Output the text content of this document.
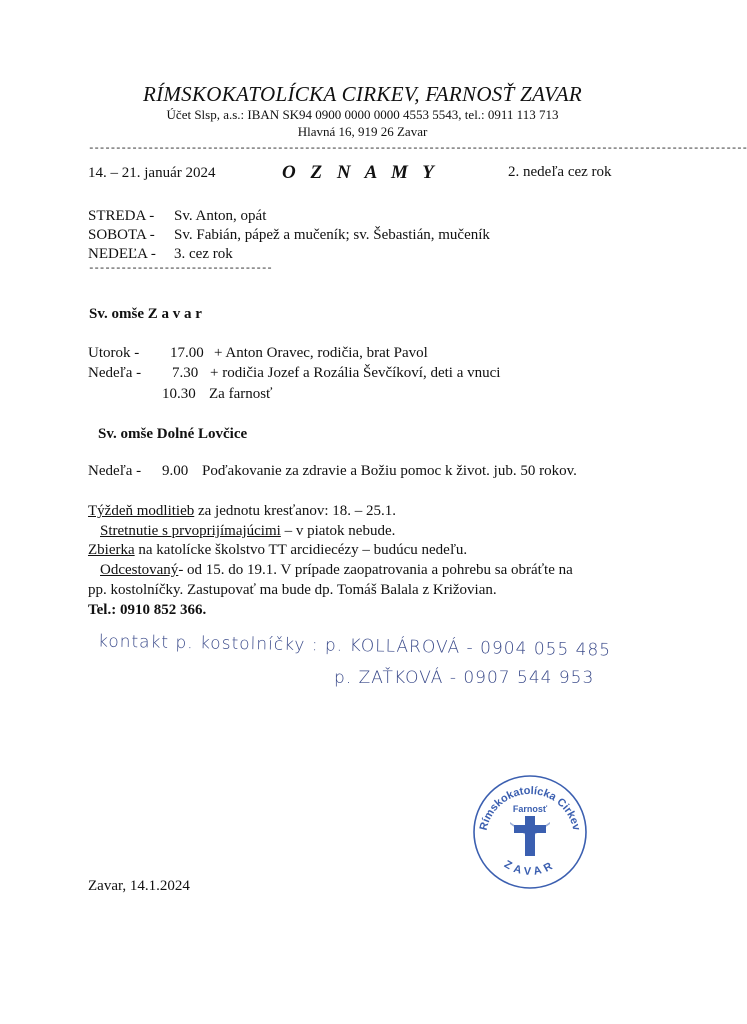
RÍMSKOKATOLÍCKA CIRKEV, FARNOSŤ ZAVAR
Účet Slsp, a.s.: IBAN SK94 0900 0000 0000 4553 5543, tel.: 0911 113 713
Hlavná 16, 919 26 Zavar
--------------------------------------------------------------------------------------------------------------------------
14. – 21. január 2024	O Z N A M Y	2. nedeľa cez rok
STREDA - Sv. Anton, opát
SOBOTA - Sv. Fabián, pápež a mučeník; sv. Šebastián, mučeník
NEDEĽA - 3. cez rok
----------------------------------
Sv. omše Z a v a r
Utorok - 17.00 + Anton Oravec, rodičia, brat Pavol
Nedeľa - 7.30 + rodičia Jozef a Rozália Ševčíkoví, deti a vnuci
10.30 Za farnosť
Sv. omše Dolné Lovčice
Nedeľa - 9.00 Poďakovanie za zdravie a Božiu pomoc k život. jub. 50 rokov.
Týždeň modlitieb za jednotu kresťanov: 18. – 25.1.
Stretnutie s prvoprijímajúcimi – v piatok nebude.
Zbierka na katolícke školstvo TT arcidiecézy – budúcu nedeľu.
Odcestovaný- od 15. do 19.1. V prípade zaopatrovania a pohrebu sa obráťte na
pp. kostolníčky. Zastupovať ma bude dp. Tomáš Balala z Križovian.
Tel.: 0910 852 366.
kontakt p. kostolníčky : p. KOLLÁROVÁ - 0904 055 485
p. ZAŤKOVÁ - 0907 544 953
Rímskokatolícka Cirkev
Farnosť
ZAVAR
Zavar, 14.1.2024
